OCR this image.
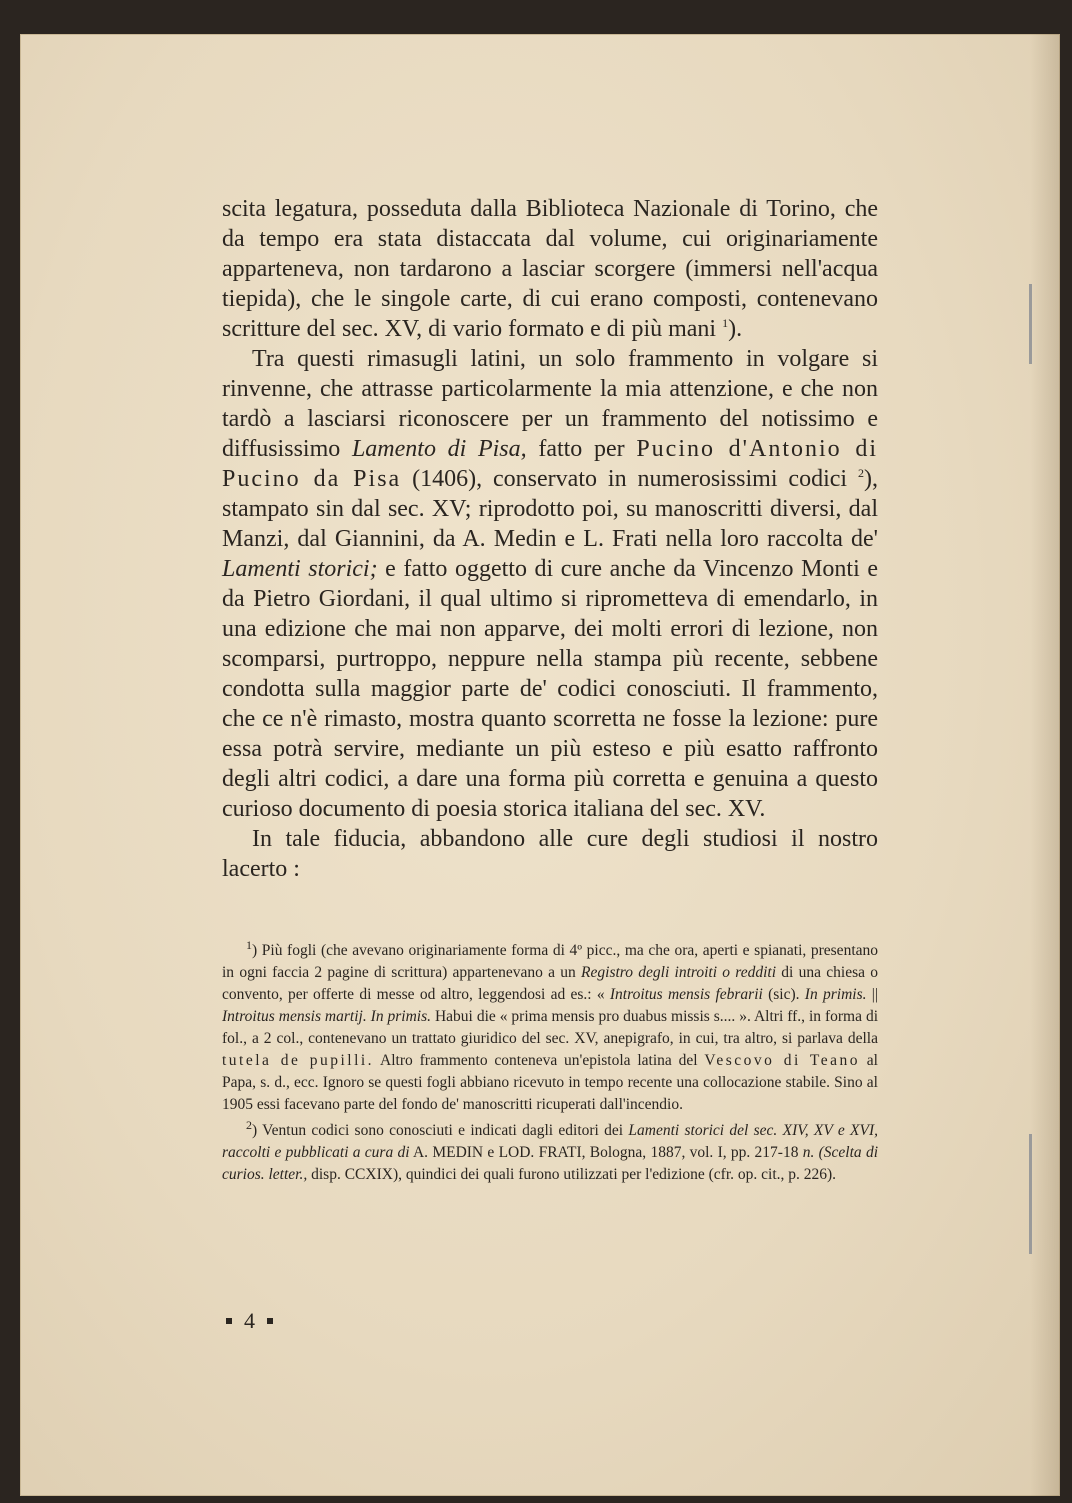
scita legatura, posseduta dalla Biblioteca Nazionale di Torino, che da tempo era stata distaccata dal volume, cui originariamente apparteneva, non tardarono a lasciar scorgere (immersi nell'acqua tiepida), che le singole carte, di cui erano composti, contenevano scritture del sec. XV, di vario formato e di più mani $^1$).

Tra questi rimasugli latini, un solo frammento in volgare si rinvenne, che attrasse particolarmente la mia attenzione, e che non tardò a lasciarsi riconoscere per un frammento del notissimo e diffusissimo Lamento di Pisa, fatto per Pucino d'Antonio di Pucino da Pisa (1406), conservato in numerosissimi codici $^2$), stampato sin dal sec. XV; riprodotto poi, su manoscritti diversi, dal Manzi, dal Giannini, da A. Medin e L. Frati nella loro raccolta de' Lamenti storici; e fatto oggetto di cure anche da Vincenzo Monti e da Pietro Giordani, il qual ultimo si riprometteva di emendarlo, in una edizione che mai non apparve, dei molti errori di lezione, non scomparsi, purtroppo, neppure nella stampa più recente, sebbene condotta sulla maggior parte de' codici conosciuti. Il frammento, che ce n'è rimasto, mostra quanto scorretta ne fosse la lezione: pure essa potrà servire, mediante un più esteso e più esatto raffronto degli altri codici, a dare una forma più corretta e genuina a questo curioso documento di poesia storica italiana del sec. XV.

In tale fiducia, abbandono alle cure degli studiosi il nostro lacerto :

$^1$) Più fogli (che avevano originariamente forma di 4º picc., ma che ora, aperti e spianati, presentano in ogni faccia 2 pagine di scrittura) appartenevano a un Registro degli introiti o redditi di una chiesa o convento, per offerte di messe od altro, leggendosi ad es.: « Introitus mensis febrarii (sic). In primis. || Introitus mensis martij. In primis. Habui die « prima mensis pro duabus missis s.... ». Altri ff., in forma di fol., a 2 col., contenevano un trattato giuridico del sec. XV, anepigrafo, in cui, tra altro, si parlava della tutela de pupilli. Altro frammento conteneva un'epistola latina del Vescovo di Teano al Papa, s. d., ecc. Ignoro se questi fogli abbiano ricevuto in tempo recente una collocazione stabile. Sino al 1905 essi facevano parte del fondo de' manoscritti ricuperati dall'incendio.

$^2$) Ventun codici sono conosciuti e indicati dagli editori dei Lamenti storici del sec. XIV, XV e XVI, raccolti e pubblicati a cura di A. MEDIN e LOD. FRATI, Bologna, 1887, vol. I, pp. 217-18 n. (Scelta di curios. letter., disp. CCXIX), quindici dei quali furono utilizzati per l'edizione (cfr. op. cit., p. 226).

4
